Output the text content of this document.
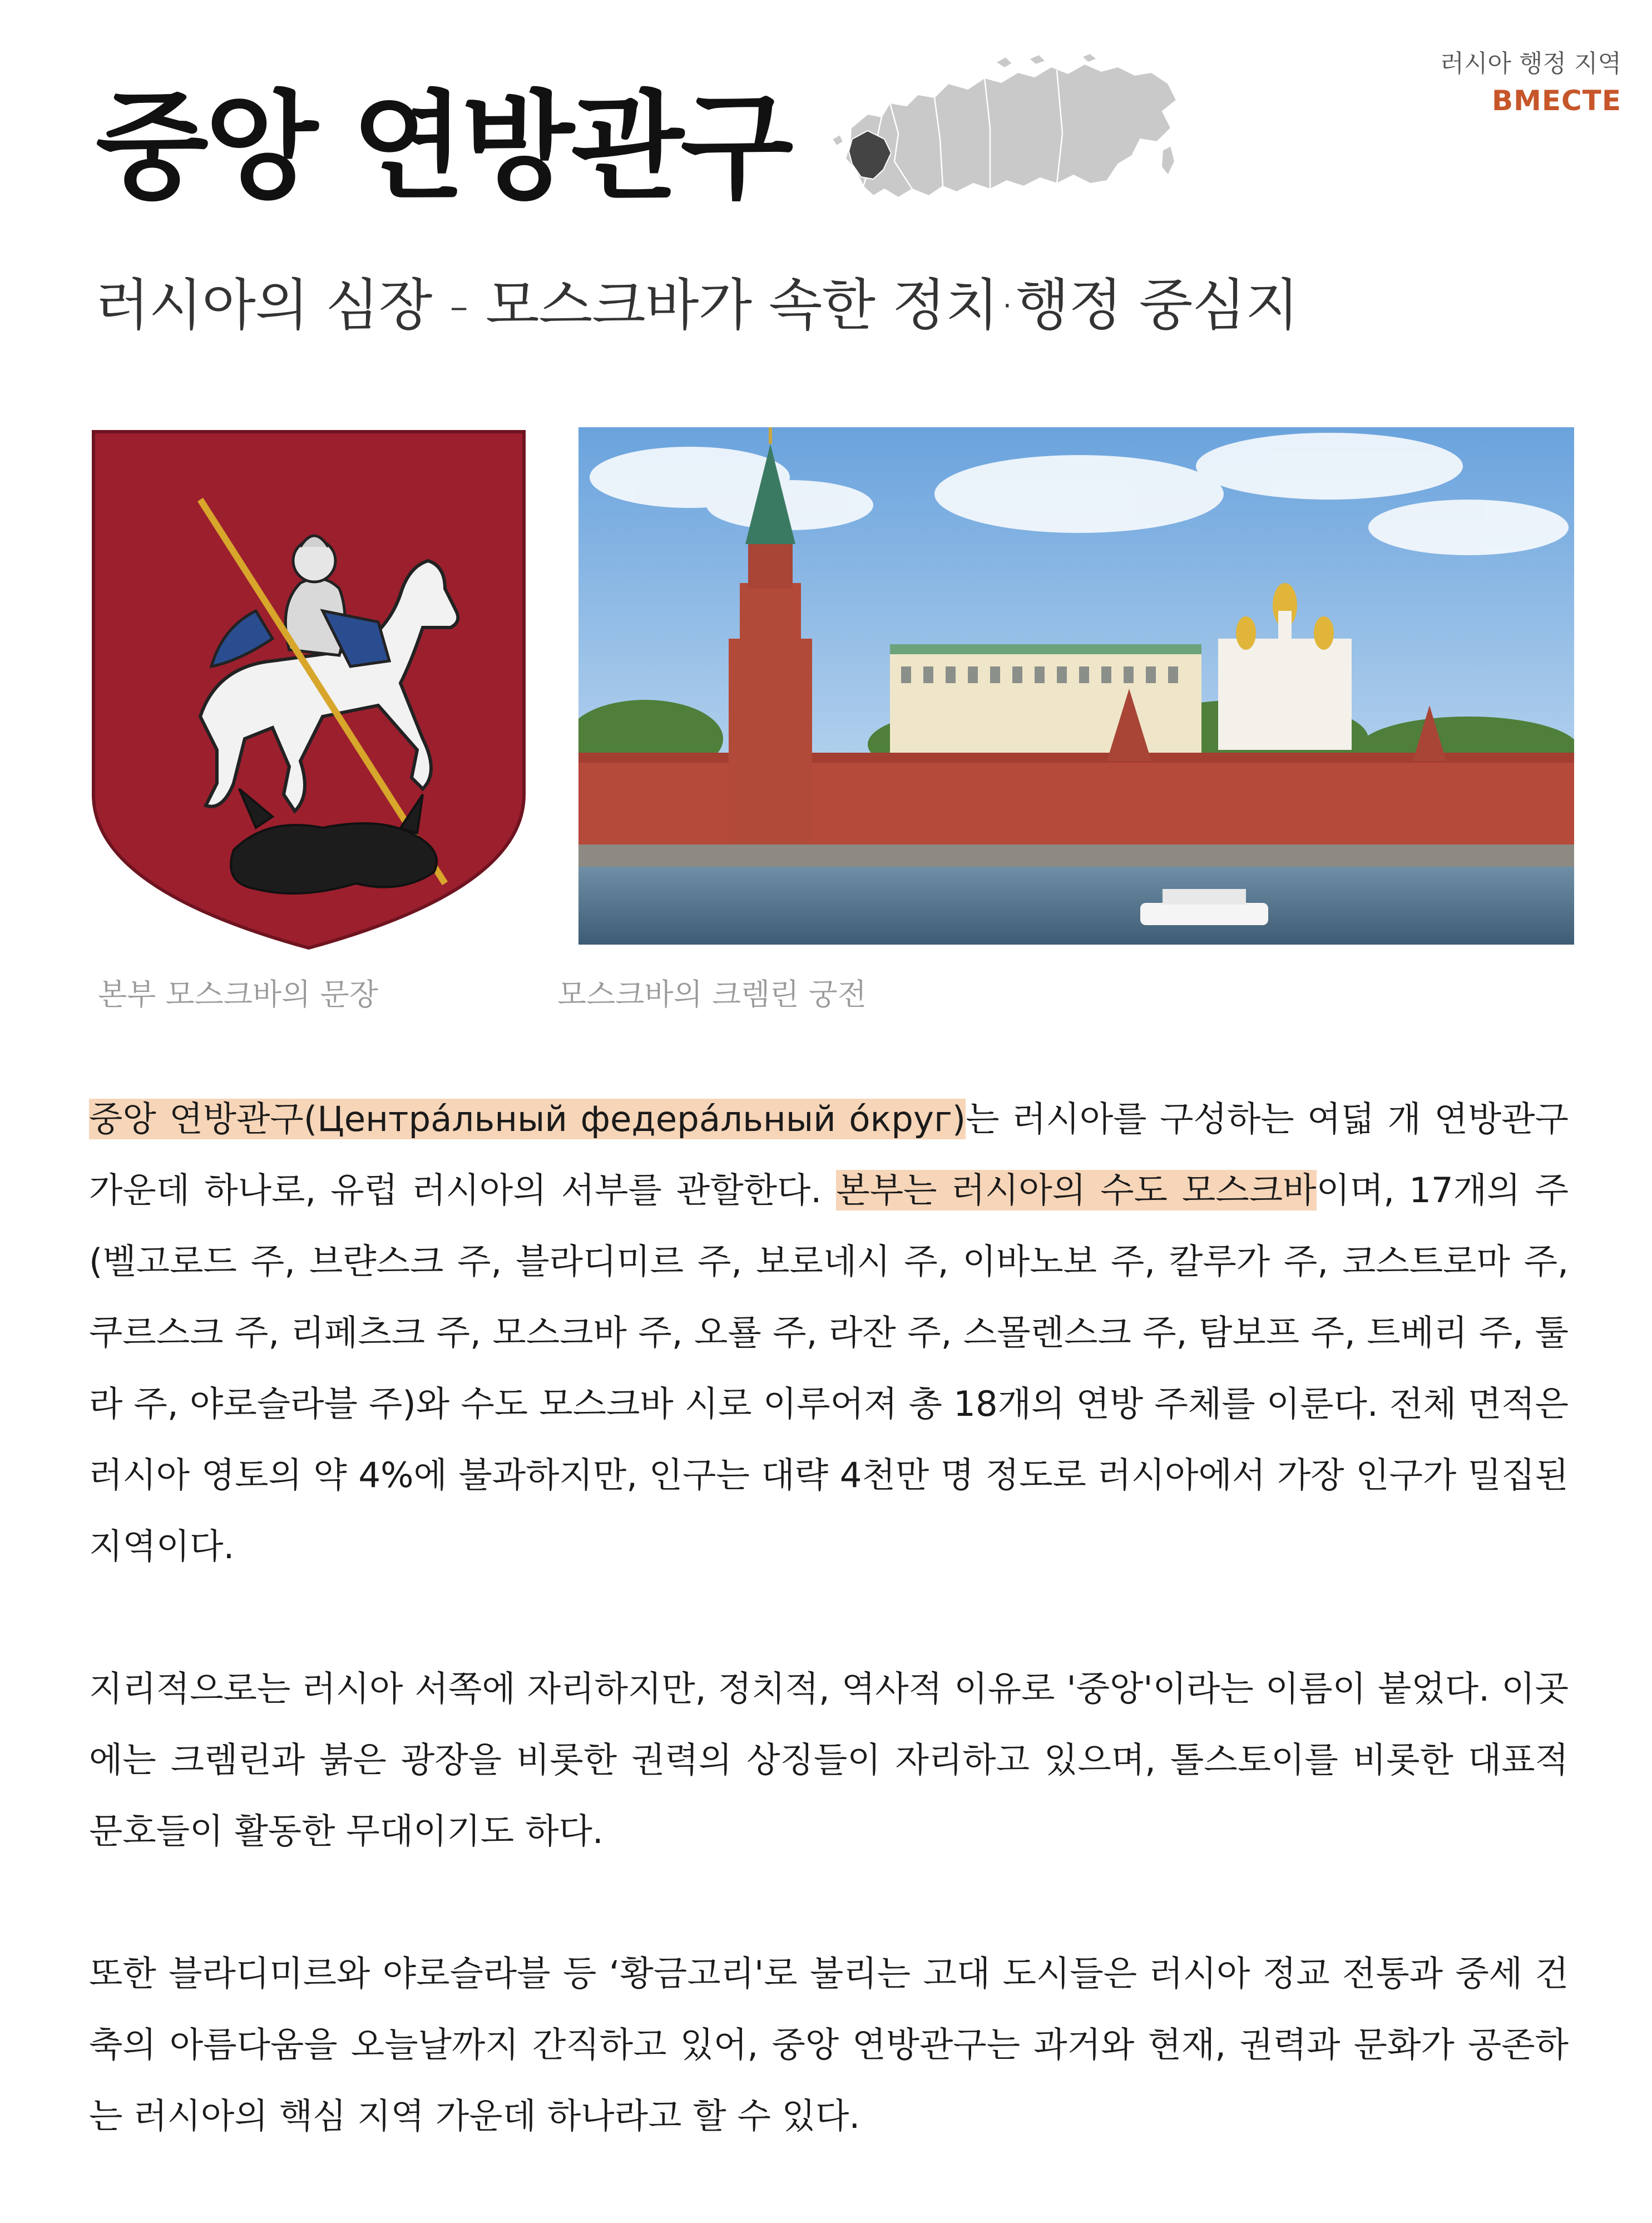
러시아 행정 지역
BMECTE
중앙 연방관구
러시아의 심장 - 모스크바가 속한 정치·행정 중심지
본부 모스크바의 문장	모스크바의 크렘린 궁전

중앙 연방관구(Центра́льный федера́льный о́круг)는 러시아를 구성하는 여덟 개 연방관구 가운데 하나로, 유럽 러시아의 서부를 관할한다. 본부는 러시아의 수도 모스크바이며, 17개의 주(벨고로드 주, 브랸스크 주, 블라디미르 주, 보로네시 주, 이바노보 주, 칼루가 주, 코스트로마 주, 쿠르스크 주, 리페츠크 주, 모스크바 주, 오룔 주, 라잔 주, 스몰렌스크 주, 탐보프 주, 트베리 주, 툴라 주, 야로슬라블 주)와 수도 모스크바 시로 이루어져 총 18개의 연방 주체를 이룬다. 전체 면적은 러시아 영토의 약 4%에 불과하지만, 인구는 대략 4천만 명 정도로 러시아에서 가장 인구가 밀집된 지역이다.

지리적으로는 러시아 서쪽에 자리하지만, 정치적, 역사적 이유로 '중앙'이라는 이름이 붙었다. 이곳에는 크렘린과 붉은 광장을 비롯한 권력의 상징들이 자리하고 있으며, 톨스토이를 비롯한 대표적 문호들이 활동한 무대이기도 하다.

또한 블라디미르와 야로슬라블 등 ‘황금고리'로 불리는 고대 도시들은 러시아 정교 전통과 중세 건축의 아름다움을 오늘날까지 간직하고 있어, 중앙 연방관구는 과거와 현재, 권력과 문화가 공존하는 러시아의 핵심 지역 가운데 하나라고 할 수 있다.
